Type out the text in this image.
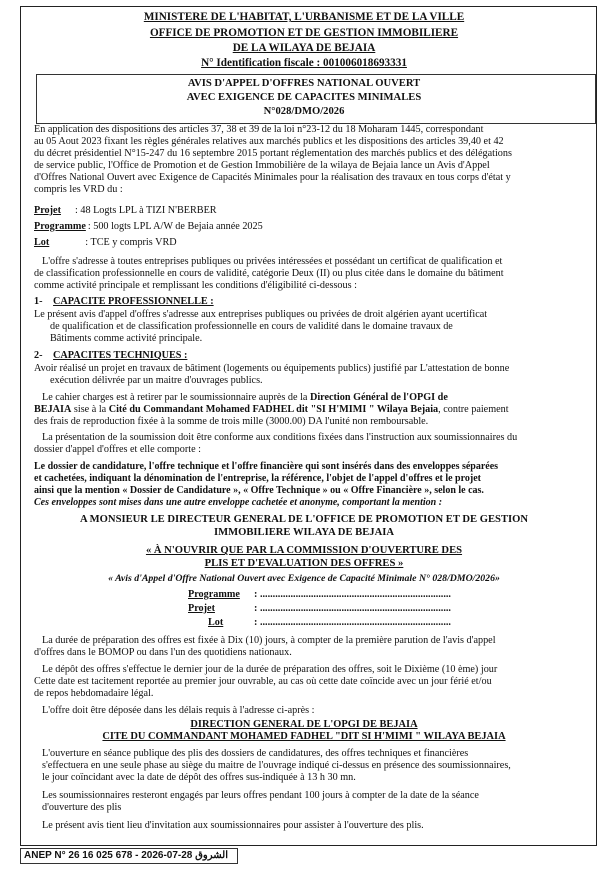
MINISTERE DE L'HABITAT, L'URBANISME ET DE LA VILLE
OFFICE DE PROMOTION ET DE GESTION IMMOBILIERE
DE LA WILAYA DE BEJAIA
N° Identification fiscale : 001006018693331
AVIS D'APPEL D'OFFRES NATIONAL OUVERT
AVEC EXIGENCE DE CAPACITES MINIMALES
N°028/DMO/2026
En application des dispositions des articles 37, 38 et 39 de la loi n°23-12 du 18 Moharam 1445, correspondant
au 05 Aout 2023 fixant les règles générales relatives aux marchés publics et les dispositions des articles 39,40 et 42
du décret présidentiel N°15-247 du 16 septembre 2015 portant réglementation des marchés publics et des délégations
de service public, l'Office de Promotion et de Gestion Immobilière de la wilaya de Bejaia lance un Avis d'Appel
d'Offres National Ouvert avec Exigence de Capacités Minimales pour la réalisation des travaux en tous corps d'état y
compris les VRD du :
Projet : 48 Logts LPL à TIZI N'BERBER
Programme : 500 logts LPL A/W de Bejaia année 2025
Lot	: TCE y compris VRD
L'offre s'adresse à toutes entreprises publiques ou privées intéressées et possédant un certificat de qualification et
de classification professionnelle en cours de validité, catégorie Deux (II) ou plus citée dans le domaine du bâtiment
comme activité principale et remplissant les conditions d'éligibilité ci-dessous :
1- CAPACITE PROFESSIONNELLE :
Le présent avis d'appel d'offres s'adresse aux entreprises publiques ou privées de droit algérien ayant ucertificat
de qualification et de classification professionnelle en cours de validité dans le domaine travaux de
Bâtiments comme activité principale.
2- CAPACITES TECHNIQUES :
Avoir réalisé un projet en travaux de bâtiment (logements ou équipements publics) justifié par L'attestation de bonne
exécution délivrée par un maitre d'ouvrages publics.
Le cahier charges est à retirer par le soumissionnaire auprès de la Direction Général de l'OPGI de
BEJAIA sise à la Cité du Commandant Mohamed FADHEL dit "SI H'MIMI " Wilaya Bejaia, contre paiement
des frais de reproduction fixée à la somme de trois mille (3000.00) DA l'unité non remboursable.
La présentation de la soumission doit être conforme aux conditions fixées dans l'instruction aux soumissionnaires du
dossier d'appel d'offres et elle comporte :
Le dossier de candidature, l'offre technique et l'offre financière qui sont insérés dans des enveloppes séparées
et cachetées, indiquant la dénomination de l'entreprise, la référence, l'objet de l'appel d'offres et le projet
ainsi que la mention « Dossier de Candidature », « Offre Technique » ou « Offre Financière », selon le cas.
Ces enveloppes sont mises dans une autre enveloppe cachetée et anonyme, comportant la mention :
A MONSIEUR LE DIRECTEUR GENERAL DE L'OFFICE DE PROMOTION ET DE GESTION
IMMOBILIERE WILAYA DE BEJAIA
« À N'OUVRIR QUE PAR LA COMMISSION D'OUVERTURE DES
PLIS ET D'EVALUATION DES OFFRES »
« Avis d'Appel d'Offre National Ouvert avec Exigence de Capacité Minimale N° 028/DMO/2026»
Programme : ...........................................................................
Projet	: ...........................................................................
Lot	: ...........................................................................
La durée de préparation des offres est fixée à Dix (10) jours, à compter de la première parution de l'avis d'appel
d'offres dans le BOMOP ou dans l'un des quotidiens nationaux.
Le dépôt des offres s'effectue le dernier jour de la durée de préparation des offres, soit le Dixième (10 ème) jour
Cette date est tacitement reportée au premier jour ouvrable, au cas où cette date coïncide avec un jour férié et/ou
de repos hebdomadaire légal.
L'offre doit être déposée dans les délais requis à l'adresse ci-après :
DIRECTION GENERAL DE L'OPGI DE BEJAIA
CITE DU COMMANDANT MOHAMED FADHEL "DIT SI H'MIMI " WILAYA BEJAIA
L'ouverture en séance publique des plis des dossiers de candidatures, des offres techniques et financières
s'effectuera en une seule phase au siège du maitre de l'ouvrage indiqué ci-dessus en présence des soumissionnaires,
le jour coïncidant avec la date de dépôt des offres sus-indiquée à 13 h 30 mn.
Les soumissionnaires resteront engagés par leurs offres pendant 100 jours à compter de la date de la séance
d'ouverture des plis
Le présent avis tient lieu d'invitation aux soumissionnaires pour assister à l'ouverture des plis.
ANEP N° 26 16 025 678 - 2026-07-28 الشروق
